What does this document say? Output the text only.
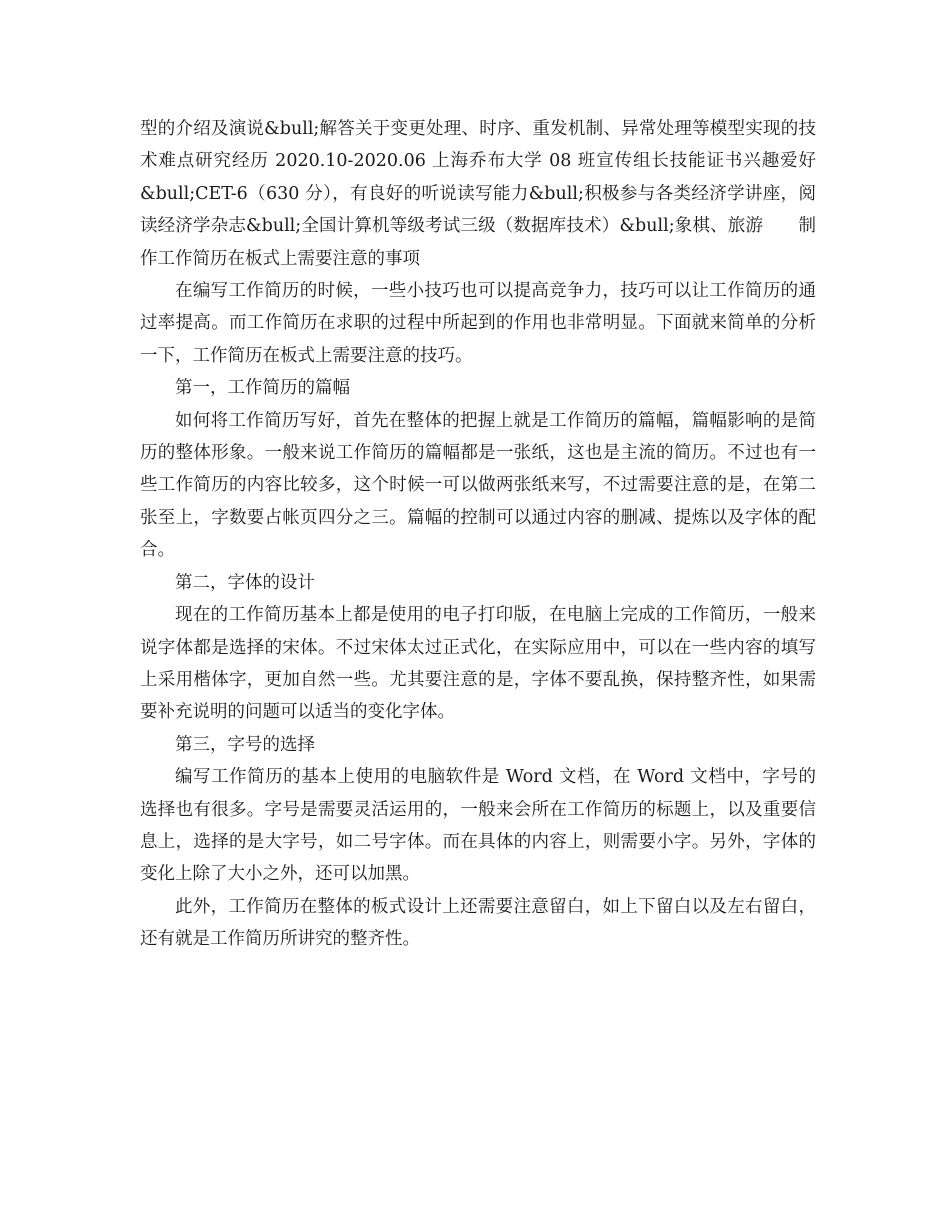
型的介绍及演说&bull;解答关于变更处理、时序、重发机制、异常处理等模型实现的技术难点研究经历 2020.10-2020.06 上海乔布大学 08 班宣传组长技能证书兴趣爱好&bull;CET-6（630 分），有良好的听说读写能力&bull;积极参与各类经济学讲座，阅读经济学杂志&bull;全国计算机等级考试三级（数据库技术）&bull;象棋、旅游　　制作工作简历在板式上需要注意的事项

在编写工作简历的时候，一些小技巧也可以提高竞争力，技巧可以让工作简历的通过率提高。而工作简历在求职的过程中所起到的作用也非常明显。下面就来简单的分析一下，工作简历在板式上需要注意的技巧。

第一，工作简历的篇幅

如何将工作简历写好，首先在整体的把握上就是工作简历的篇幅，篇幅影响的是简历的整体形象。一般来说工作简历的篇幅都是一张纸，这也是主流的简历。不过也有一些工作简历的内容比较多，这个时候一可以做两张纸来写，不过需要注意的是，在第二张至上，字数要占帐页四分之三。篇幅的控制可以通过内容的删减、提炼以及字体的配合。

第二，字体的设计

现在的工作简历基本上都是使用的电子打印版，在电脑上完成的工作简历，一般来说字体都是选择的宋体。不过宋体太过正式化，在实际应用中，可以在一些内容的填写上采用楷体字，更加自然一些。尤其要注意的是，字体不要乱换，保持整齐性，如果需要补充说明的问题可以适当的变化字体。

第三，字号的选择

编写工作简历的基本上使用的电脑软件是 Word 文档，在 Word 文档中，字号的选择也有很多。字号是需要灵活运用的，一般来会所在工作简历的标题上，以及重要信息上，选择的是大字号，如二号字体。而在具体的内容上，则需要小字。另外，字体的变化上除了大小之外，还可以加黑。

此外，工作简历在整体的板式设计上还需要注意留白，如上下留白以及左右留白，还有就是工作简历所讲究的整齐性。
